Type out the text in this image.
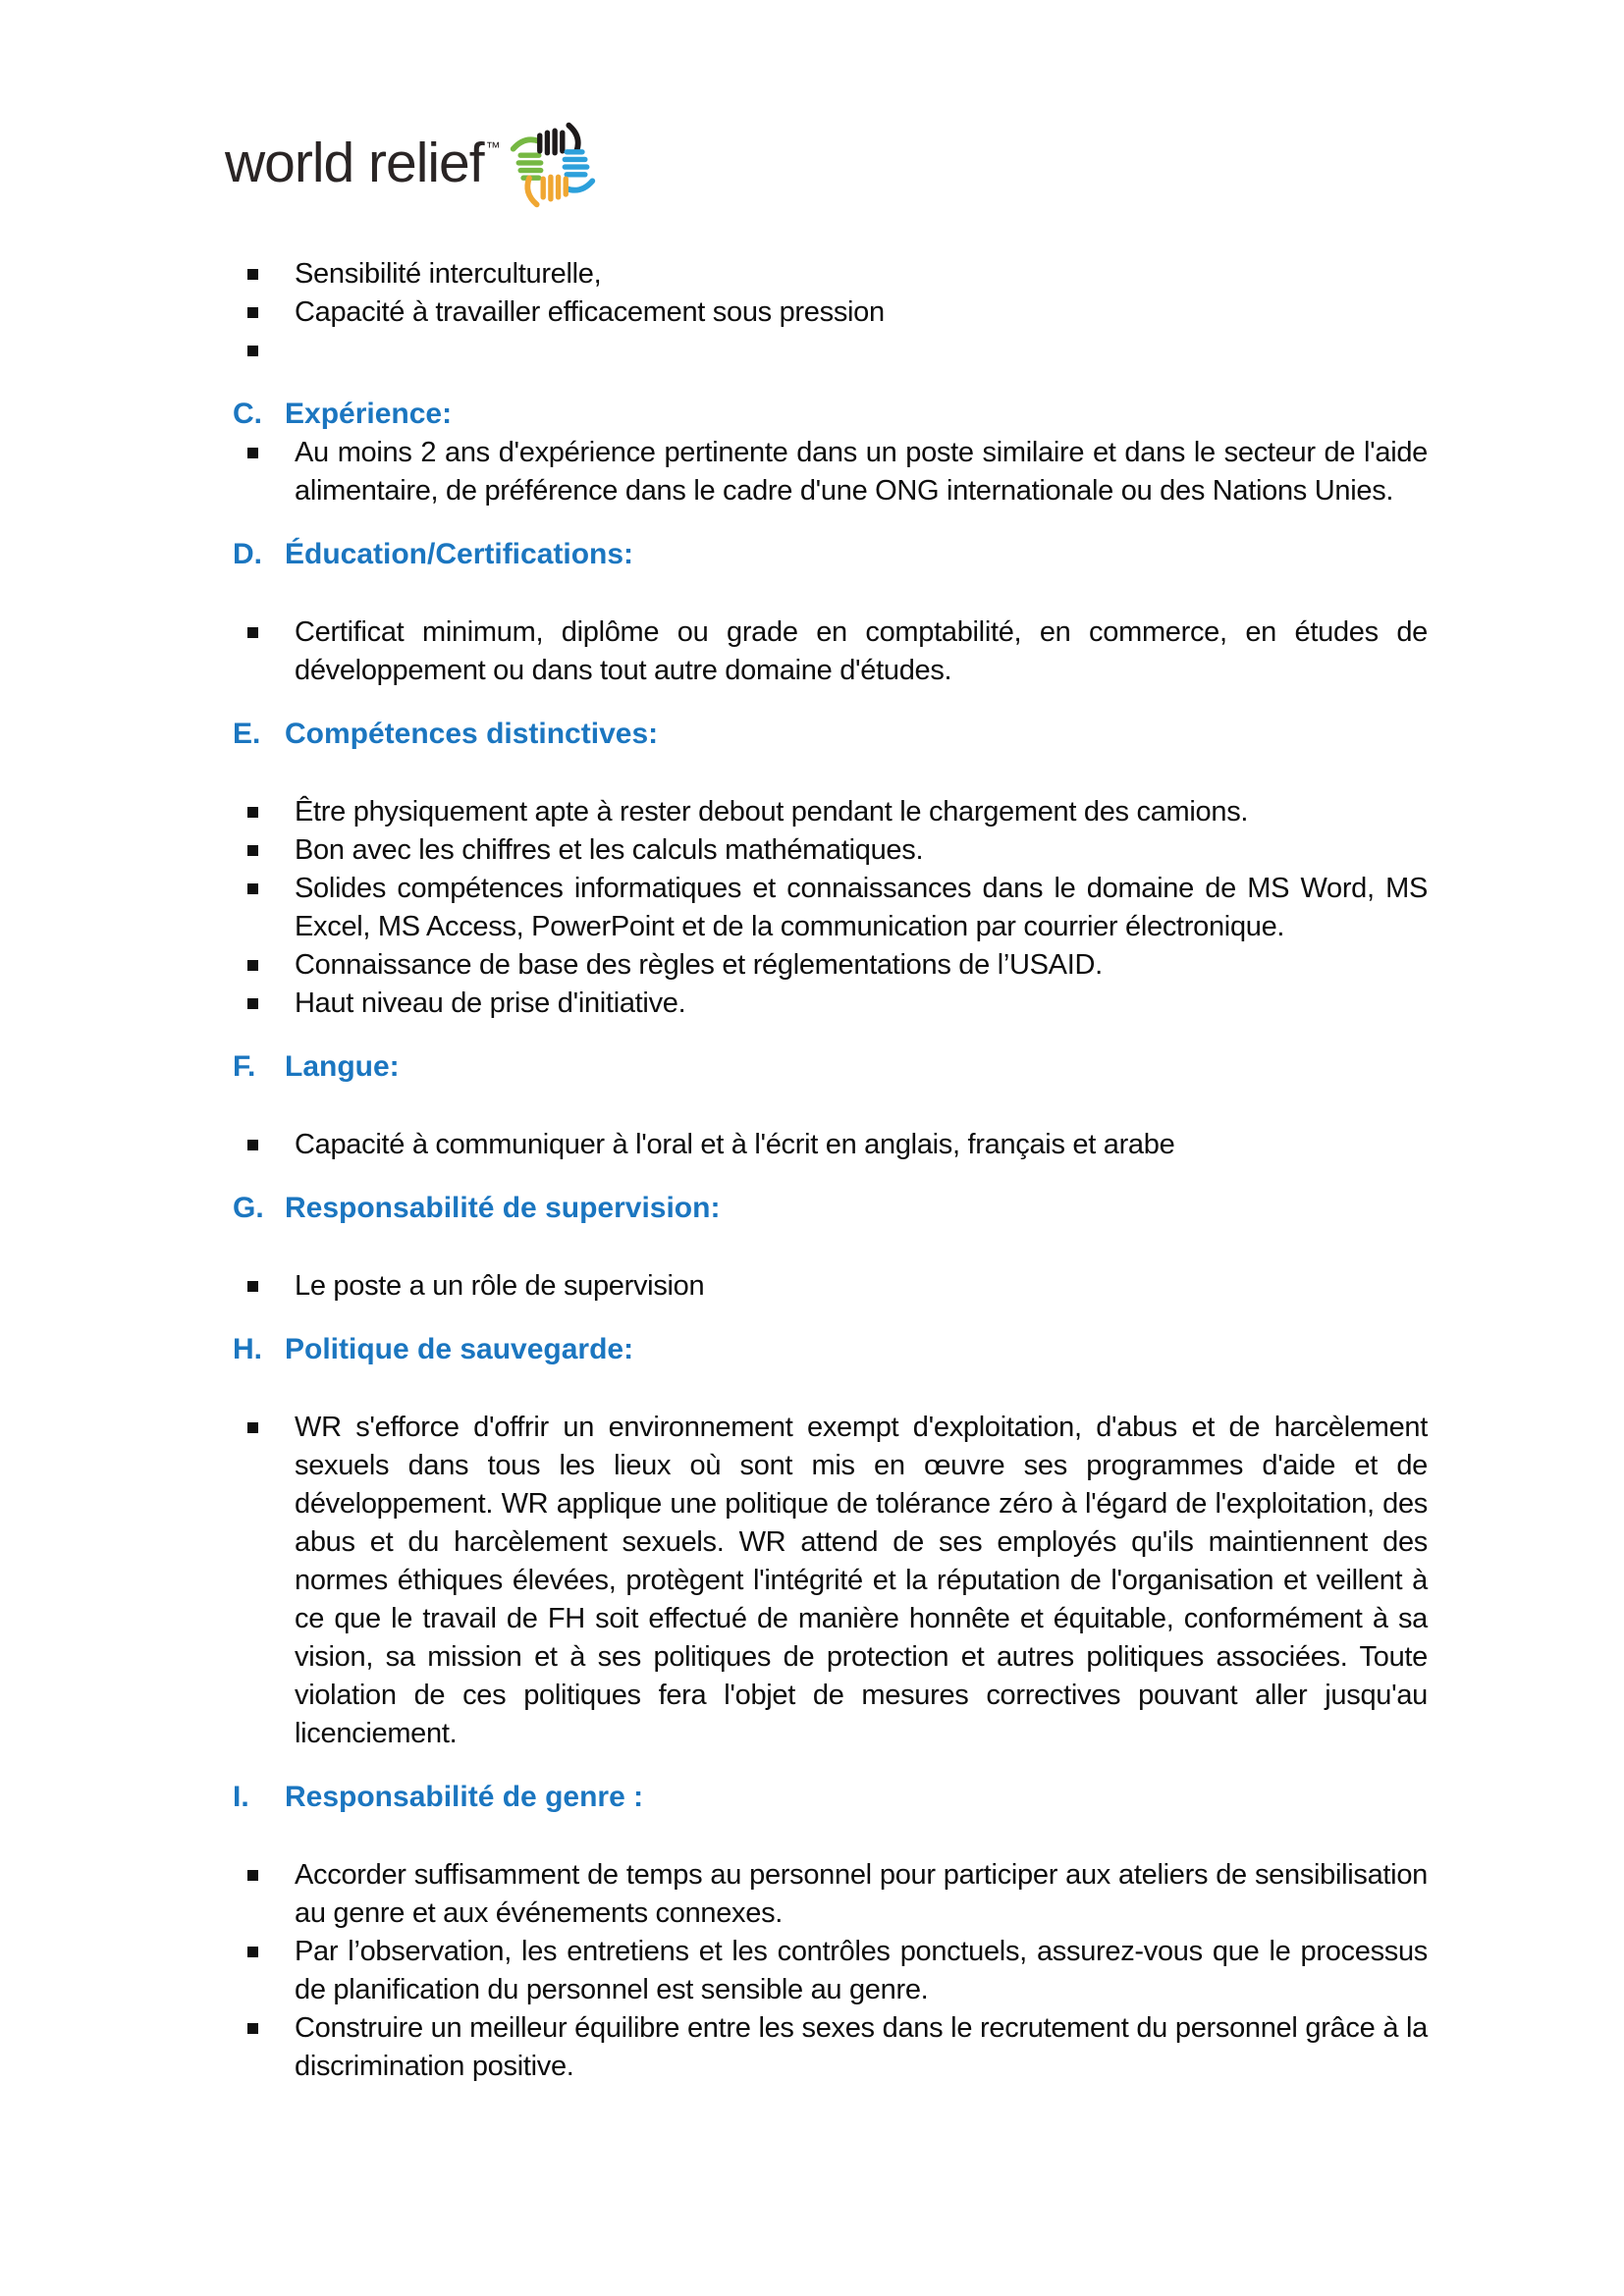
world relief ™
Sensibilité interculturelle,
Capacité à travailler efficacement sous pression
C. Expérience:
Au moins 2 ans d'expérience pertinente dans un poste similaire et dans le secteur de l'aide alimentaire, de préférence dans le cadre d'une ONG internationale ou des Nations Unies.
D. Éducation/Certifications:
Certificat minimum, diplôme ou grade en comptabilité, en commerce, en études de développement ou dans tout autre domaine d'études.
E. Compétences distinctives:
Être physiquement apte à rester debout pendant le chargement des camions.
Bon avec les chiffres et les calculs mathématiques.
Solides compétences informatiques et connaissances dans le domaine de MS Word, MS Excel, MS Access, PowerPoint et de la communication par courrier électronique.
Connaissance de base des règles et réglementations de l’USAID.
Haut niveau de prise d'initiative.
F. Langue:
Capacité à communiquer à l'oral et à l'écrit en anglais, français et arabe
G. Responsabilité de supervision:
Le poste a un rôle de supervision
H. Politique de sauvegarde:
WR s'efforce d'offrir un environnement exempt d'exploitation, d'abus et de harcèlement sexuels dans tous les lieux où sont mis en œuvre ses programmes d'aide et de développement. WR applique une politique de tolérance zéro à l'égard de l'exploitation, des abus et du harcèlement sexuels. WR attend de ses employés qu'ils maintiennent des normes éthiques élevées, protègent l'intégrité et la réputation de l'organisation et veillent à ce que le travail de FH soit effectué de manière honnête et équitable, conformément à sa vision, sa mission et à ses politiques de protection et autres politiques associées. Toute violation de ces politiques fera l'objet de mesures correctives pouvant aller jusqu'au licenciement.
I.	Responsabilité de genre :
Accorder suffisamment de temps au personnel pour participer aux ateliers de sensibilisation au genre et aux événements connexes.
Par l’observation, les entretiens et les contrôles ponctuels, assurez-vous que le processus de planification du personnel est sensible au genre.
Construire un meilleur équilibre entre les sexes dans le recrutement du personnel grâce à la discrimination positive.
